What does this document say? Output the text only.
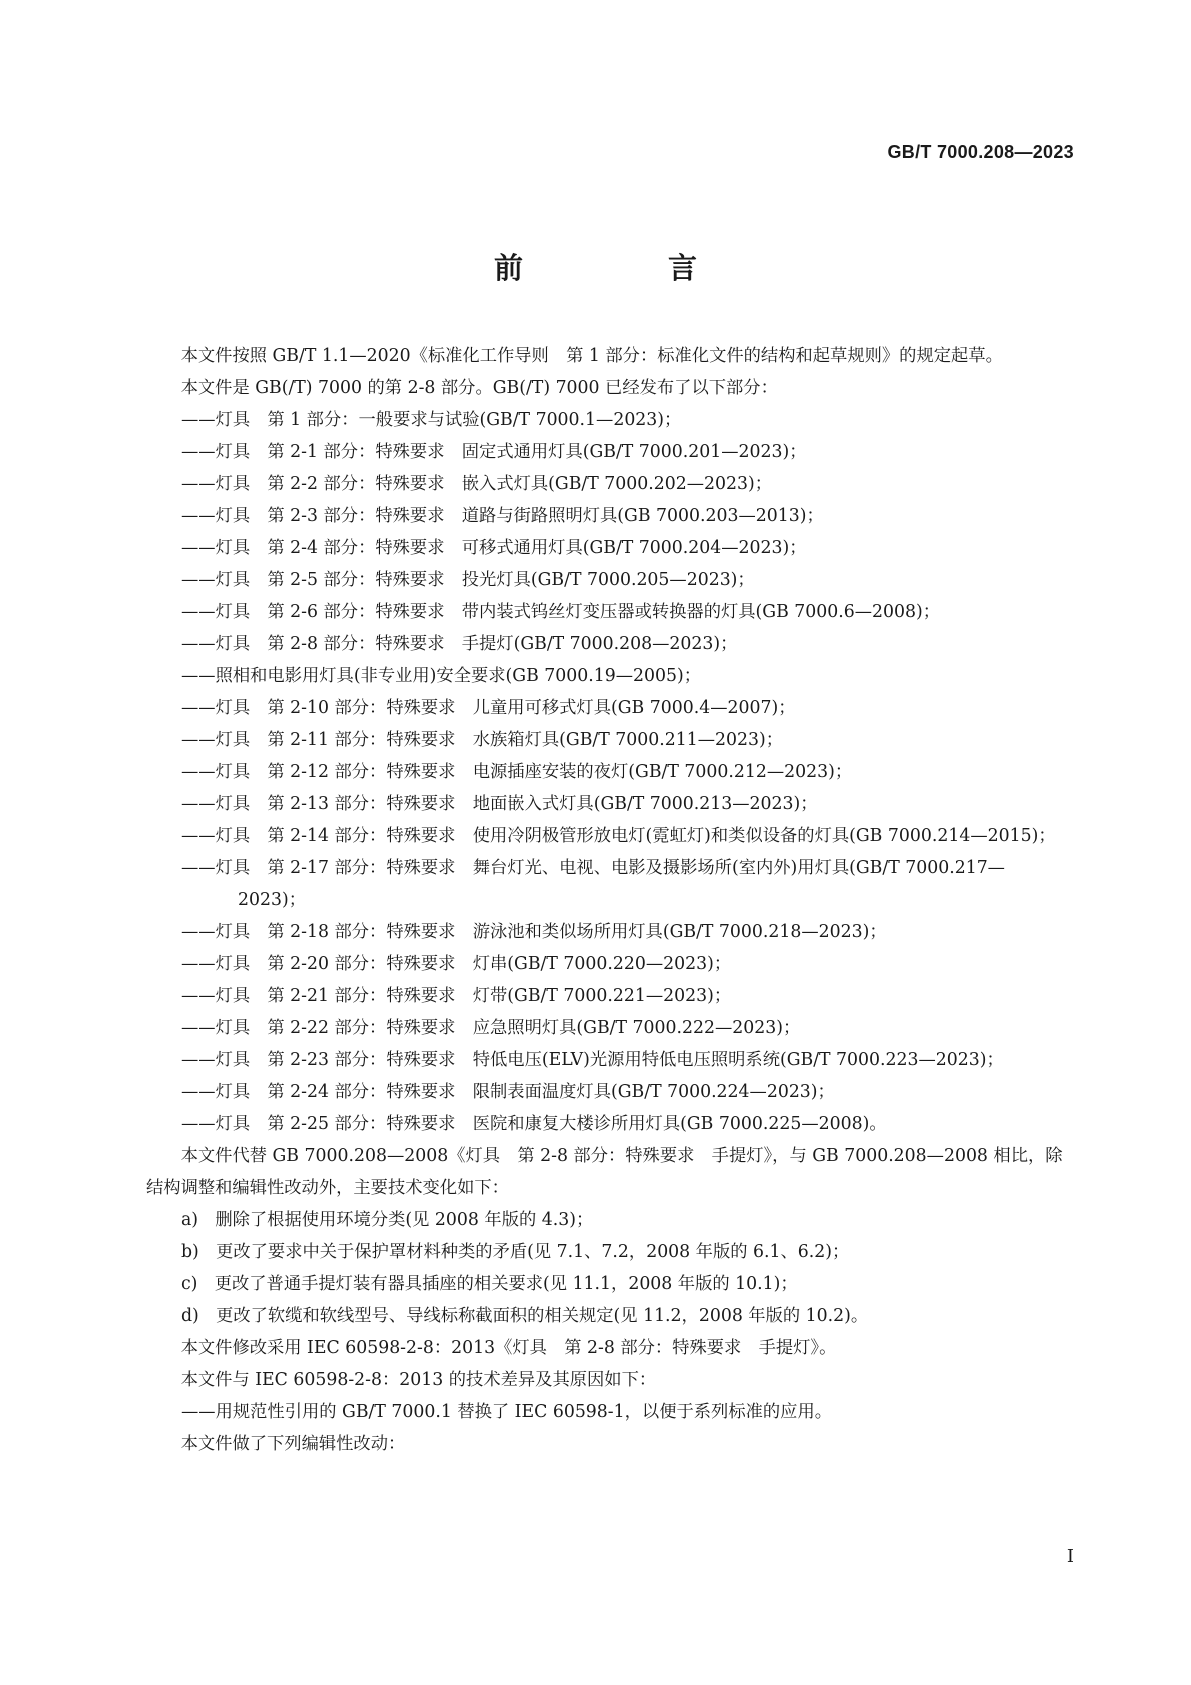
GB/T 7000.208—2023
前　言

本文件按照 GB/T 1.1—2020《标准化工作导则　第 1 部分：标准化文件的结构和起草规则》的规定起草。

本文件是 GB(/T) 7000 的第 2-8 部分。GB(/T) 7000 已经发布了以下部分：

——灯具　第 1 部分：一般要求与试验(GB/T 7000.1—2023)；

——灯具　第 2-1 部分：特殊要求　固定式通用灯具(GB/T 7000.201—2023)；

——灯具　第 2-2 部分：特殊要求　嵌入式灯具(GB/T 7000.202—2023)；

——灯具　第 2-3 部分：特殊要求　道路与街路照明灯具(GB 7000.203—2013)；

——灯具　第 2-4 部分：特殊要求　可移式通用灯具(GB/T 7000.204—2023)；

——灯具　第 2-5 部分：特殊要求　投光灯具(GB/T 7000.205—2023)；

——灯具　第 2-6 部分：特殊要求　带内装式钨丝灯变压器或转换器的灯具(GB 7000.6—2008)；

——灯具　第 2-8 部分：特殊要求　手提灯(GB/T 7000.208—2023)；

——照相和电影用灯具(非专业用)安全要求(GB 7000.19—2005)；

——灯具　第 2-10 部分：特殊要求　儿童用可移式灯具(GB 7000.4—2007)；

——灯具　第 2-11 部分：特殊要求　水族箱灯具(GB/T 7000.211—2023)；

——灯具　第 2-12 部分：特殊要求　电源插座安装的夜灯(GB/T 7000.212—2023)；

——灯具　第 2-13 部分：特殊要求　地面嵌入式灯具(GB/T 7000.213—2023)；

——灯具　第 2-14 部分：特殊要求　使用冷阴极管形放电灯(霓虹灯)和类似设备的灯具(GB 7000.214—2015)；

——灯具　第 2-17 部分：特殊要求　舞台灯光、电视、电影及摄影场所(室内外)用灯具(GB/T 7000.217—2023)；

——灯具　第 2-18 部分：特殊要求　游泳池和类似场所用灯具(GB/T 7000.218—2023)；

——灯具　第 2-20 部分：特殊要求　灯串(GB/T 7000.220—2023)；

——灯具　第 2-21 部分：特殊要求　灯带(GB/T 7000.221—2023)；

——灯具　第 2-22 部分：特殊要求　应急照明灯具(GB/T 7000.222—2023)；

——灯具　第 2-23 部分：特殊要求　特低电压(ELV)光源用特低电压照明系统(GB/T 7000.223—2023)；

——灯具　第 2-24 部分：特殊要求　限制表面温度灯具(GB/T 7000.224—2023)；

——灯具　第 2-25 部分：特殊要求　医院和康复大楼诊所用灯具(GB 7000.225—2008)。

本文件代替 GB 7000.208—2008《灯具　第 2-8 部分：特殊要求　手提灯》，与 GB 7000.208—2008 相比，除结构调整和编辑性改动外，主要技术变化如下：

a)　删除了根据使用环境分类(见 2008 年版的 4.3)；

b)　更改了要求中关于保护罩材料种类的矛盾(见 7.1、7.2，2008 年版的 6.1、6.2)；

c)　更改了普通手提灯装有器具插座的相关要求(见 11.1，2008 年版的 10.1)；

d)　更改了软缆和软线型号、导线标称截面积的相关规定(见 11.2，2008 年版的 10.2)。

本文件修改采用 IEC 60598-2-8：2013《灯具　第 2-8 部分：特殊要求　手提灯》。

本文件与 IEC 60598-2-8：2013 的技术差异及其原因如下：

——用规范性引用的 GB/T 7000.1 替换了 IEC 60598-1，以便于系列标准的应用。

本文件做了下列编辑性改动：

I
